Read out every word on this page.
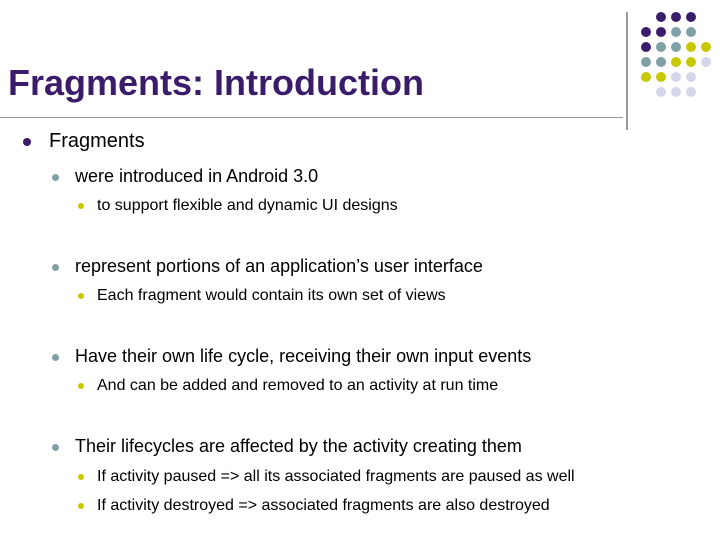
Fragments: Introduction
Fragments
were introduced in Android 3.0
to support flexible and dynamic UI designs
represent portions of an application’s user interface
Each fragment would contain its own set of views
Have their own life cycle, receiving their own input events
And can be added and removed to an activity at run time
Their lifecycles are affected by the activity creating them
If activity paused => all its associated fragments are paused as well
If activity destroyed => associated fragments are also destroyed
